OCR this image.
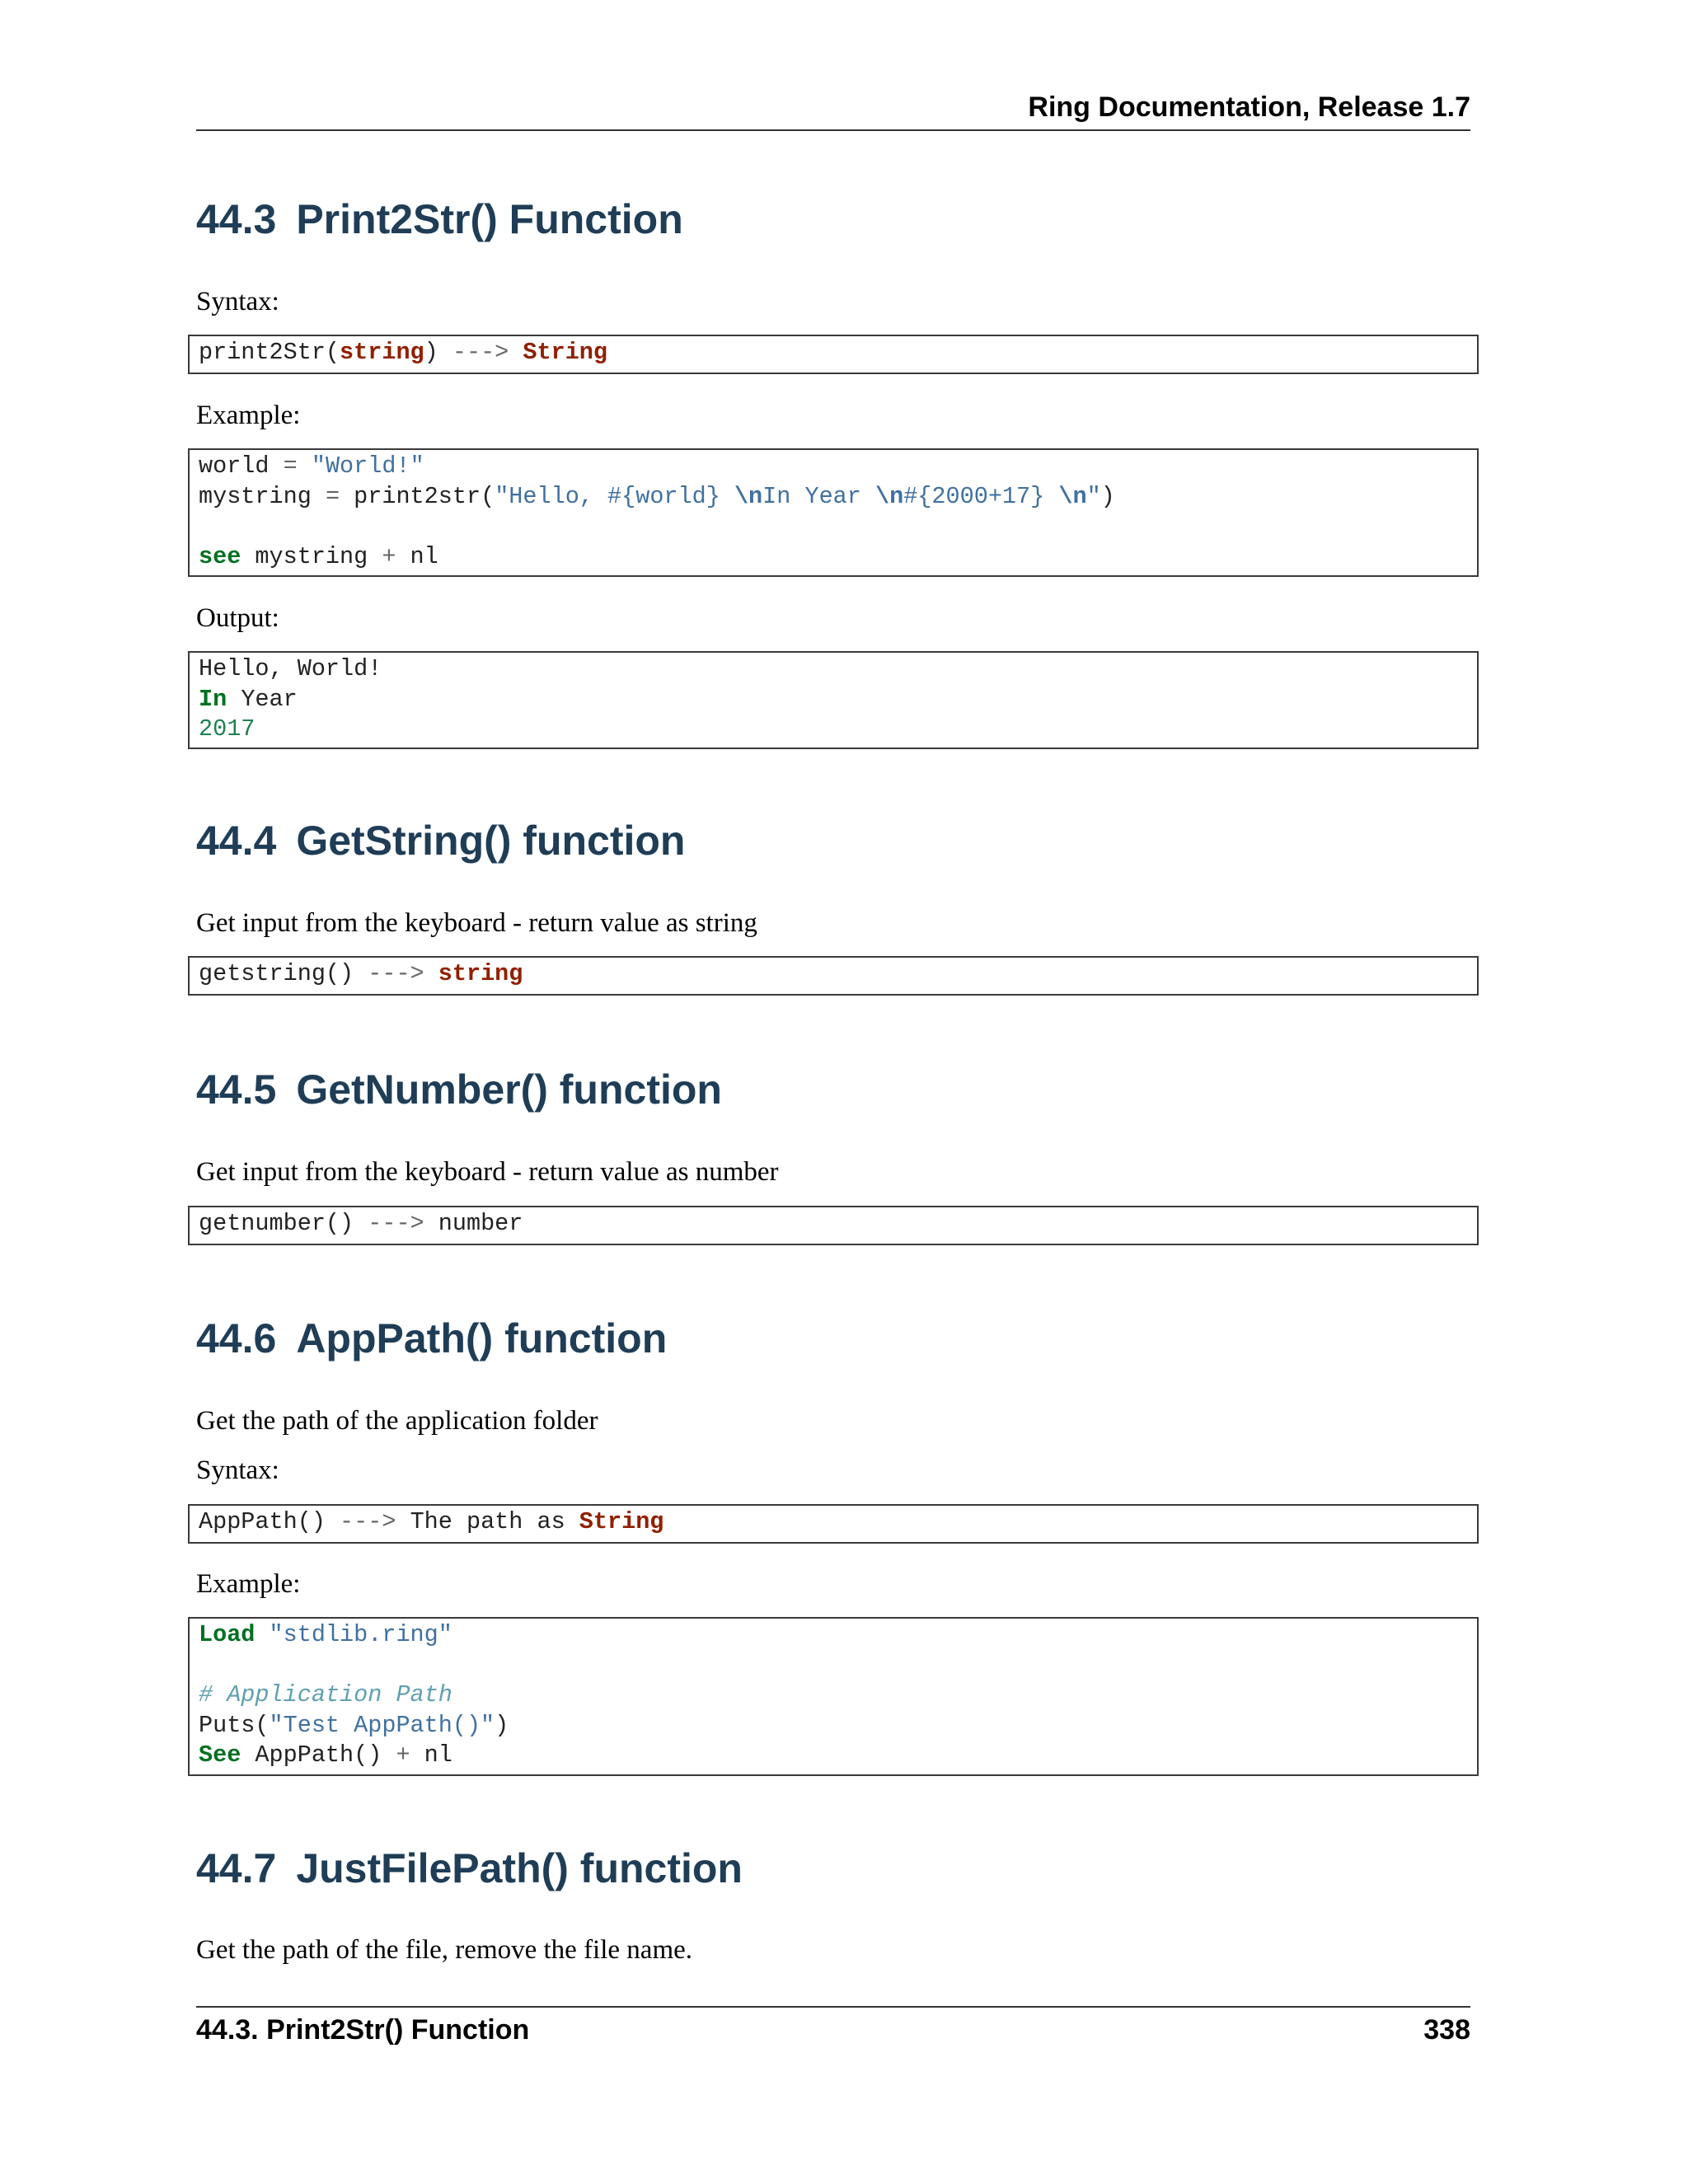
Ring Documentation, Release 1.7
44.3 Print2Str() Function

Syntax:

print2Str(string) ---> String

Example:

world = "World!"
mystring = print2str("Hello, #{world} \nIn Year \n#{2000+17} \n")

see mystring + nl

Output:

Hello, World!
In Year
2017
44.4 GetString() function

Get input from the keyboard - return value as string

getstring() ---> string
44.5 GetNumber() function

Get input from the keyboard - return value as number

getnumber() ---> number
44.6 AppPath() function

Get the path of the application folder

Syntax:

AppPath() ---> The path as String

Example:

Load "stdlib.ring"

# Application Path
Puts("Test AppPath()")
See AppPath() + nl
44.7 JustFilePath() function

Get the path of the file, remove the file name.

44.3. Print2Str() Function	338
